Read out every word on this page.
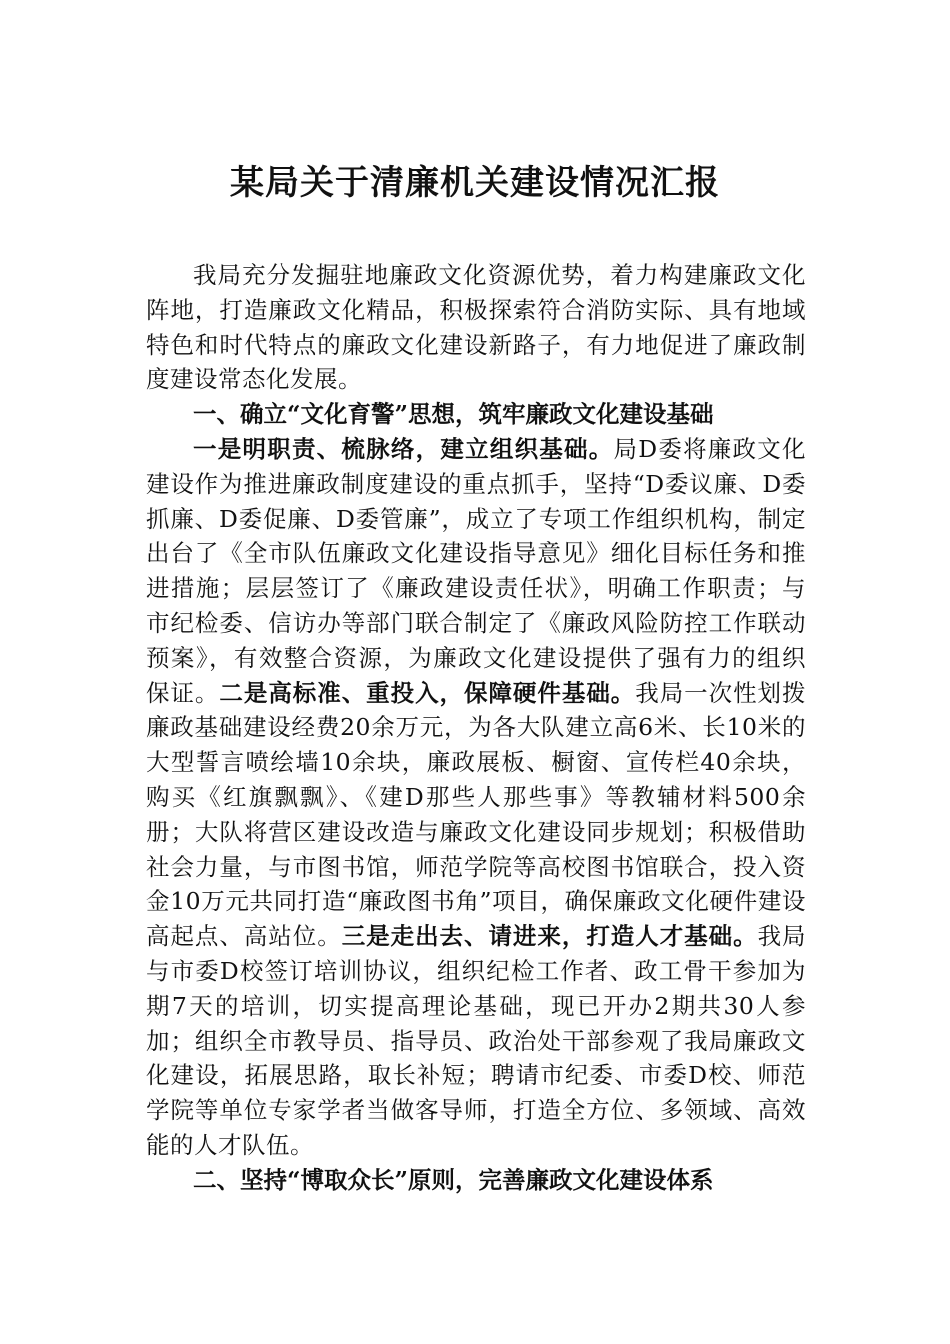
某局关于清廉机关建设情况汇报

我局充分发掘驻地廉政文化资源优势，着力构建廉政文化阵地，打造廉政文化精品，积极探索符合消防实际、具有地域特色和时代特点的廉政文化建设新路子，有力地促进了廉政制度建设常态化发展。

一、确立“文化育警”思想，筑牢廉政文化建设基础

一是明职责、梳脉络，建立组织基础。局D委将廉政文化建设作为推进廉政制度建设的重点抓手，坚持“D委议廉、D委抓廉、D委促廉、D委管廉”，成立了专项工作组织机构，制定出台了《全市队伍廉政文化建设指导意见》细化目标任务和推进措施；层层签订了《廉政建设责任状》，明确工作职责；与市纪检委、信访办等部门联合制定了《廉政风险防控工作联动预案》，有效整合资源，为廉政文化建设提供了强有力的组织保证。二是高标准、重投入，保障硬件基础。我局一次性划拨廉政基础建设经费20余万元，为各大队建立高6米、长10米的大型誓言喷绘墙10余块，廉政展板、橱窗、宣传栏40余块，购买《红旗飘飘》、《建D那些人那些事》等教辅材料500余册；大队将营区建设改造与廉政文化建设同步规划；积极借助社会力量，与市图书馆，师范学院等高校图书馆联合，投入资金10万元共同打造“廉政图书角”项目，确保廉政文化硬件建设高起点、高站位。三是走出去、请进来，打造人才基础。我局与市委D校签订培训协议，组织纪检工作者、政工骨干参加为期7天的培训，切实提高理论基础，现已开办2期共30人参加；组织全市教导员、指导员、政治处干部参观了我局廉政文化建设，拓展思路，取长补短；聘请市纪委、市委D校、师范学院等单位专家学者当做客导师，打造全方位、多领域、高效能的人才队伍。

二、坚持“博取众长”原则，完善廉政文化建设体系
